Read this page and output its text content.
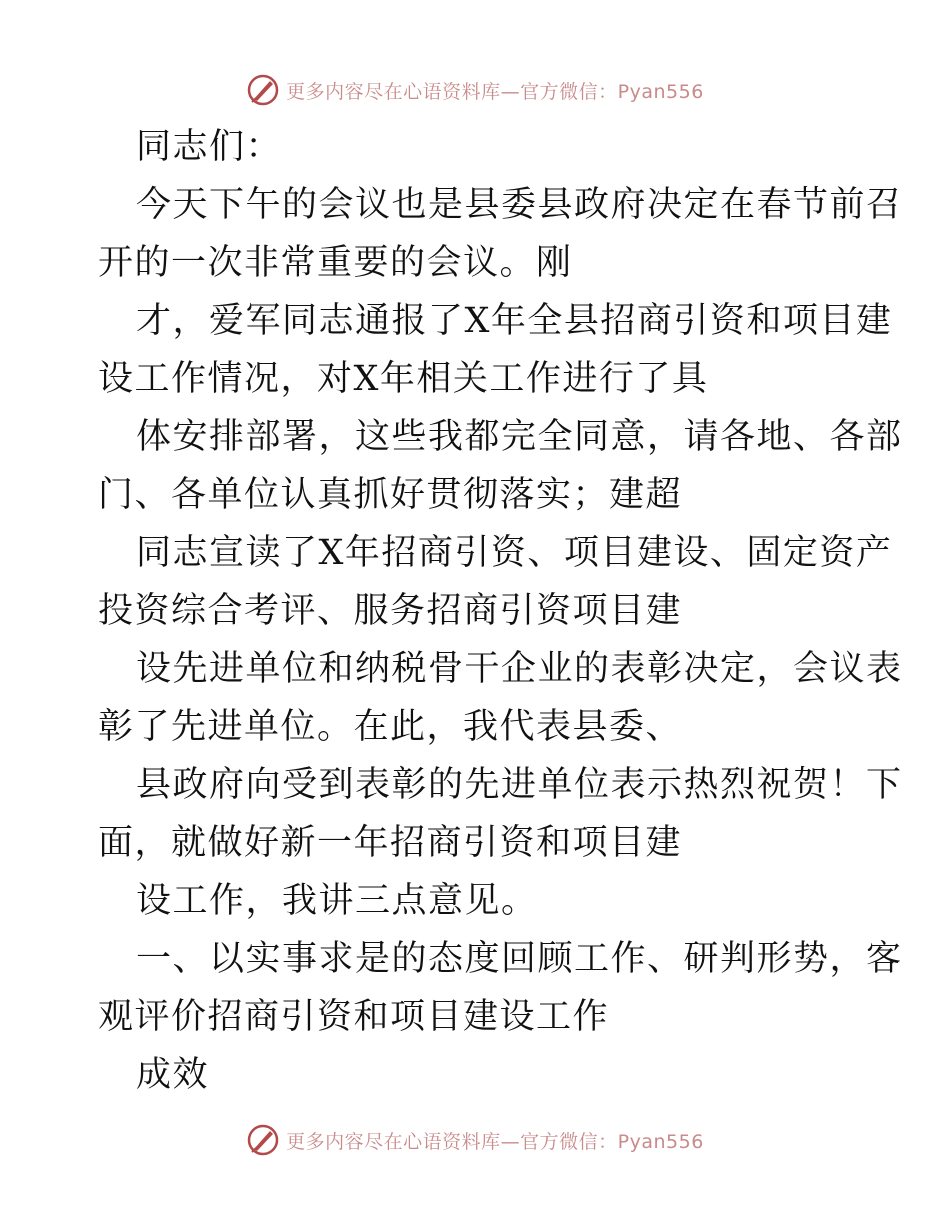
更多内容尽在心语资料库—官方微信：Pyan556
同志们：
今天下午的会议也是县委县政府决定在春节前召
开的一次非常重要的会议。刚
才，爱军同志通报了X年全县招商引资和项目建
设工作情况，对X年相关工作进行了具
体安排部署，这些我都完全同意，请各地、各部
门、各单位认真抓好贯彻落实；建超
同志宣读了X年招商引资、项目建设、固定资产
投资综合考评、服务招商引资项目建
设先进单位和纳税骨干企业的表彰决定，会议表
彰了先进单位。在此，我代表县委、
县政府向受到表彰的先进单位表示热烈祝贺！下
面，就做好新一年招商引资和项目建
设工作，我讲三点意见。
一、以实事求是的态度回顾工作、研判形势，客
观评价招商引资和项目建设工作
成效
更多内容尽在心语资料库—官方微信：Pyan556
